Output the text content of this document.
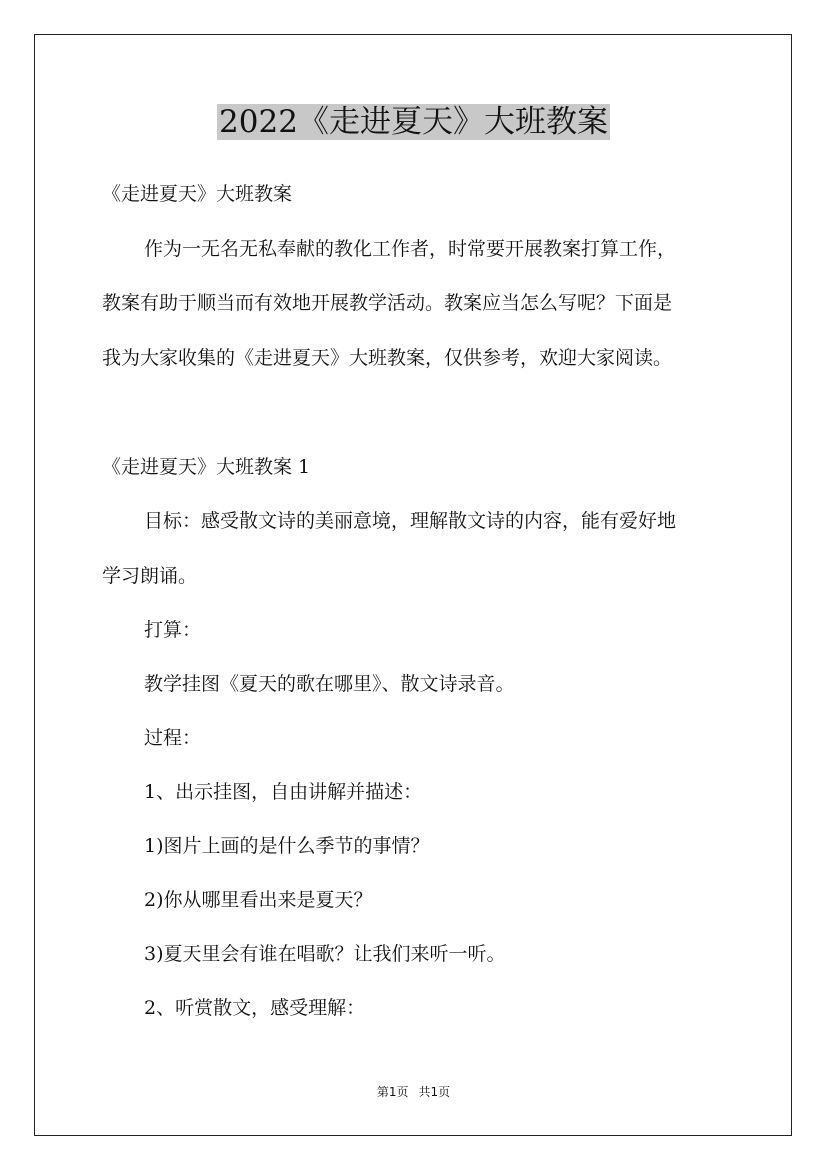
2022《走进夏天》大班教案
《走进夏天》大班教案
作为一无名无私奉献的教化工作者，时常要开展教案打算工作，
教案有助于顺当而有效地开展教学活动。教案应当怎么写呢？下面是
我为大家收集的《走进夏天》大班教案，仅供参考，欢迎大家阅读。
《走进夏天》大班教案 1
目标：感受散文诗的美丽意境，理解散文诗的内容，能有爱好地
学习朗诵。
打算：
教学挂图《夏天的歌在哪里》、散文诗录音。
过程：
1、出示挂图，自由讲解并描述：
1)图片上画的是什么季节的事情？
2)你从哪里看出来是夏天？
3)夏天里会有谁在唱歌？让我们来听一听。
2、听赏散文，感受理解：
第1页 共1页
